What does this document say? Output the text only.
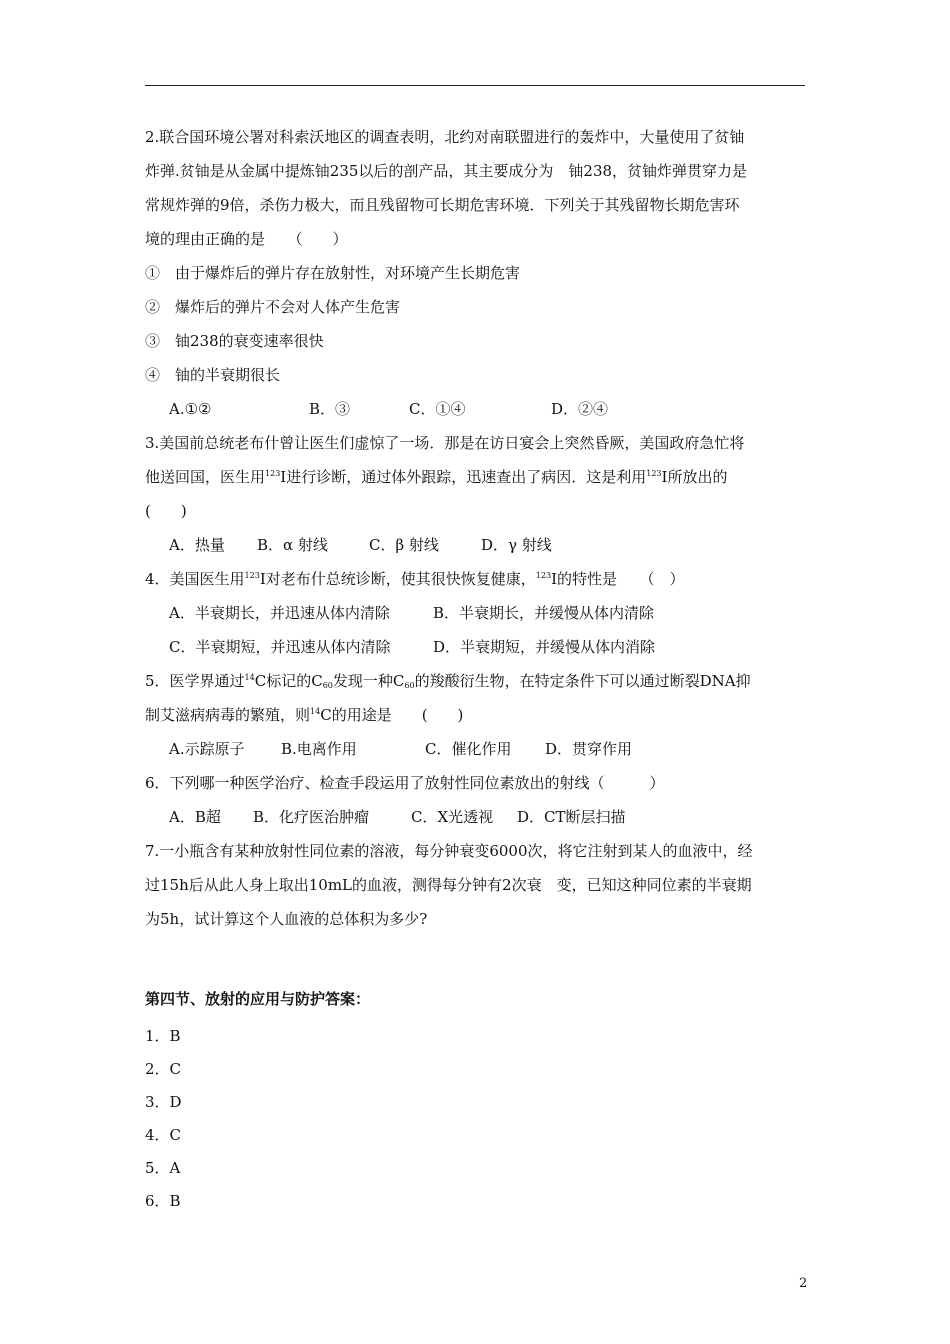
2.联合国环境公署对科索沃地区的调查表明，北约对南联盟进行的轰炸中，大量使用了贫铀

炸弹.贫铀是从金属中提炼铀235以后的剖产品，其主要成分为　铀238，贫铀炸弹贯穿力是

常规炸弹的9倍，杀伤力极大，而且残留物可长期危害环境．下列关于其残留物长期危害环

境的理由正确的是　　（　　）

①　由于爆炸后的弹片存在放射性，对环境产生长期危害

②　爆炸后的弹片不会对人体产生危害

③　铀238的衰变速率很快

④　铀的半衰期很长

A.①②	B．③	C．①④	D．②④

3.美国前总统老布什曾让医生们虚惊了一场．那是在访日宴会上突然昏厥，美国政府急忙将

他送回国，医生用$^{123}$I进行诊断，通过体外跟踪，迅速查出了病因．这是利用$^{123}$I所放出的

(　　)

A．热量 B．α 射线	C．β 射线	D．γ 射线

4．美国医生用$^{123}$I对老布什总统诊断，使其很快恢复健康，$^{123}$I的特性是　　（　）

A．半衰期长，并迅速从体内清除	B．半衰期长，并缓慢从体内清除

C．半衰期短，并迅速从体内清除	D．半衰期短，并缓慢从体内消除

5．医学界通过$^{14}$C标记的$C_{60}$发现一种$C_{60}$的羧酸衍生物，在特定条件下可以通过断裂DNA抑

制艾滋病病毒的繁殖，则$^{14}$C的用途是　　(　　)

A.示踪原子 B.电离作用	C．催化作用 D．贯穿作用

6．下列哪一种医学治疗、检查手段运用了放射性同位素放出的射线（　　　）

A．B超 B．化疗医治肿瘤	C．X光透视 D．CT断层扫描

7.一小瓶含有某种放射性同位素的溶液，每分钟衰变6000次，将它注射到某人的血液中，经

过15h后从此人身上取出10mL的血液，测得每分钟有2次衰　变，已知这种同位素的半衰期

为5h，试计算这个人血液的总体积为多少?

第四节、放射的应用与防护答案：
1．B
2．C
3．D
4．C
5．A
6．B
2
